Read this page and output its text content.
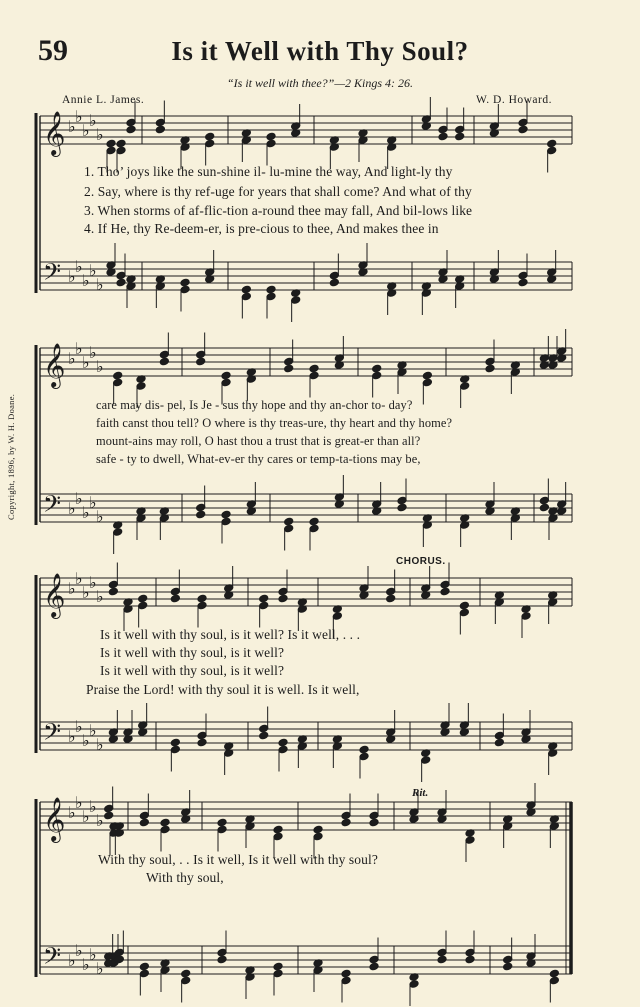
59	Is it Well with Thy Soul?
“Is it well with thee?”—2 Kings 4: 26.
Annie L. James.	W. D. Howard.
Copyright, 1896, by W. H. Doane.
CHORUS.
Rit.
𝄞
𝄢
♭
♭
♭
♭
♭
♭
♭
♭
♭
♭
𝄞
𝄢
♭
♭
♭
♭
♭
♭
♭
♭
♭
♭
𝄞
𝄢
♭
♭
♭
♭
♭
♭
♭
♭
♭
♭
𝄞
𝄢
♭
♭
♭
♭
♭
♭
♭
♭
♭
♭
1. Tho’ joys like the sun-shine il- lu-mine the way, And light-ly thy
2. Say, where is thy ref-uge for years that shall come? And what of thy
3. When storms of af-flic-tion a-round thee may fall, And bil-lows like
4. If He, thy Re-deem-er, is pre-cious to thee, And makes thee in
care may dis- pel, Is Je - sus thy hope and thy an-chor to- day?
faith canst thou tell? O where is thy treas-ure, thy heart and thy home?
mount-ains may roll, O hast thou a trust that is great-er than all?
safe - ty to dwell, What-ev-er thy cares or temp-ta-tions may be,
Is it well with thy soul, is it well? Is it well, . . .
Is it well with thy soul, is it well?
Is it well with thy soul, is it well?
Praise the Lord! with thy soul it is well. Is it well,
With thy soul, . . Is it well, Is it well with thy soul?
With thy soul,
